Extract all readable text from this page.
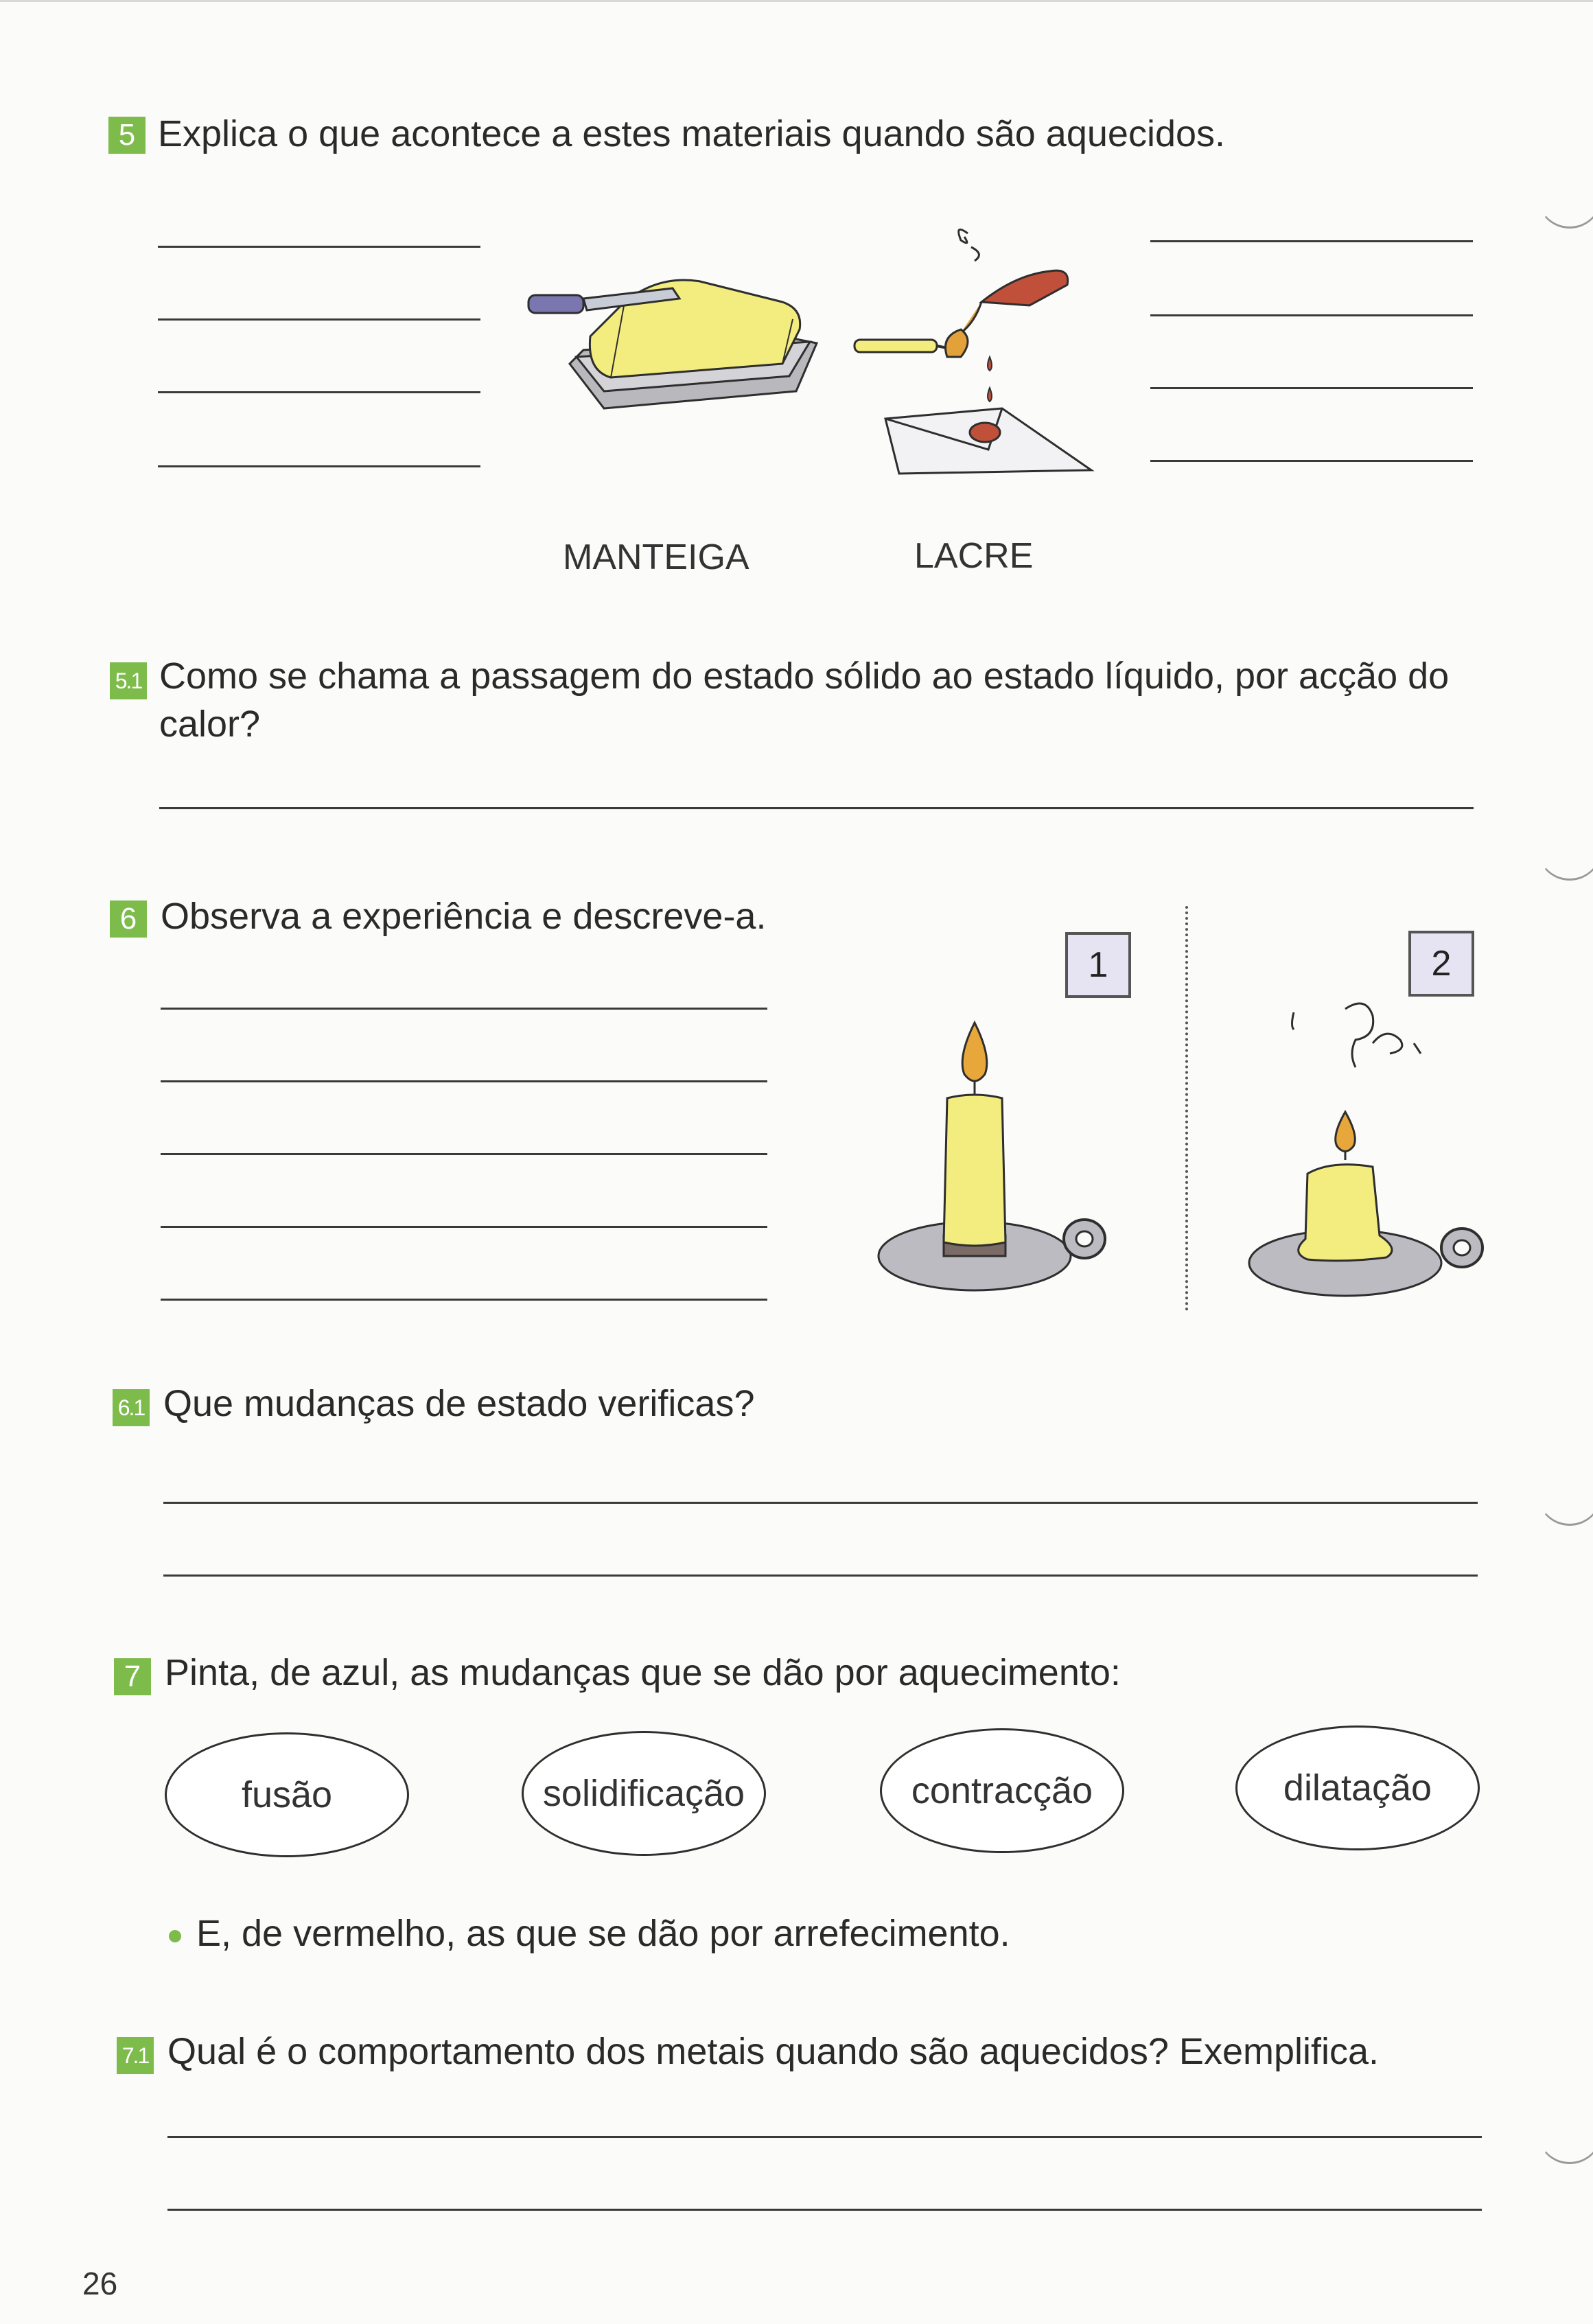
5 Explica o que acontece a estes materiais quando são aquecidos.
MANTEIGA	LACRE
5.1 Como se chama a passagem do estado sólido ao estado líquido, por acção do
calor?
6 Observa a experiência e descreve-a.
1	2
6.1 Que mudanças de estado verificas?
7 Pinta, de azul, as mudanças que se dão por aquecimento:
fusão	solidificação	contracção	dilatação
E, de vermelho, as que se dão por arrefecimento.
7.1 Qual é o comportamento dos metais quando são aquecidos? Exemplifica.
26
